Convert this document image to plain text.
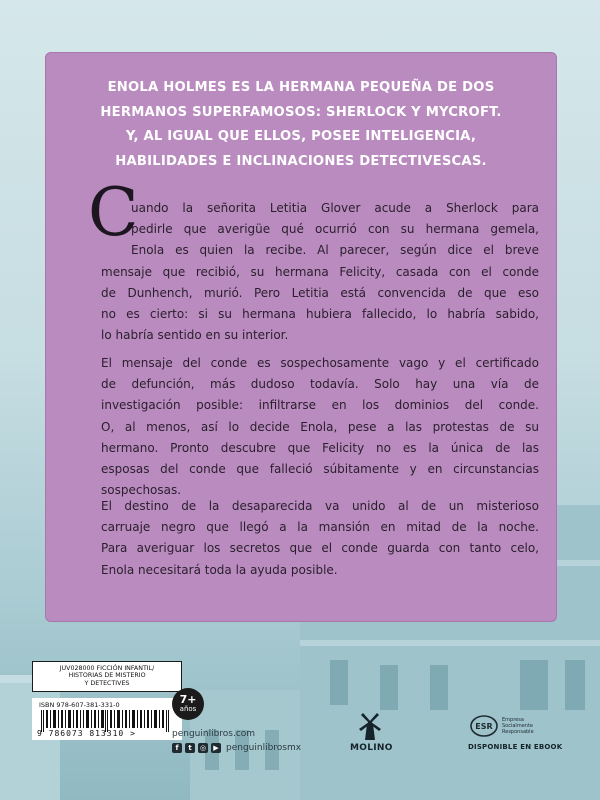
ENOLA HOLMES ES LA HERMANA PEQUEÑA DE DOS
HERMANOS SUPERFAMOSOS: SHERLOCK Y MYCROFT.
Y, AL IGUAL QUE ELLOS, POSEE INTELIGENCIA,
HABILIDADES E INCLINACIONES DETECTIVESCAS.
C
uando la señorita Letitia Glover acude a Sherlock para
pedirle que averigüe qué ocurrió con su hermana gemela,
Enola es quien la recibe. Al parecer, según dice el breve
mensaje que recibió, su hermana Felicity, casada con el conde
de Dunhench, murió. Pero Letitia está convencida de que eso
no es cierto: si su hermana hubiera fallecido, lo habría sabido,
lo habría sentido en su interior.
El mensaje del conde es sospechosamente vago y el certificado
de defunción, más dudoso todavía. Solo hay una vía de
investigación posible: infiltrarse en los dominios del conde.
O, al menos, así lo decide Enola, pese a las protestas de su
hermano. Pronto descubre que Felicity no es la única de las
esposas del conde que falleció súbitamente y en circunstancias
sospechosas.
El destino de la desaparecida va unido al de un misterioso
carruaje negro que llegó a la mansión en mitad de la noche.
Para averiguar los secretos que el conde guarda con tanto celo,
Enola necesitará toda la ayuda posible.
JUV028000 FICCIÓN INFANTIL/
HISTORIAS DE MISTERIO
Y DETECTIVES
ISBN 978-607-381-331-0
9 786073 813310 >
7+
años
penguinlibros.com
f	t	◎	▶ penguinlibrosmx	MOLINO
ESR
Empresa
Socialmente
Responsable
DISPONIBLE EN EBOOK
